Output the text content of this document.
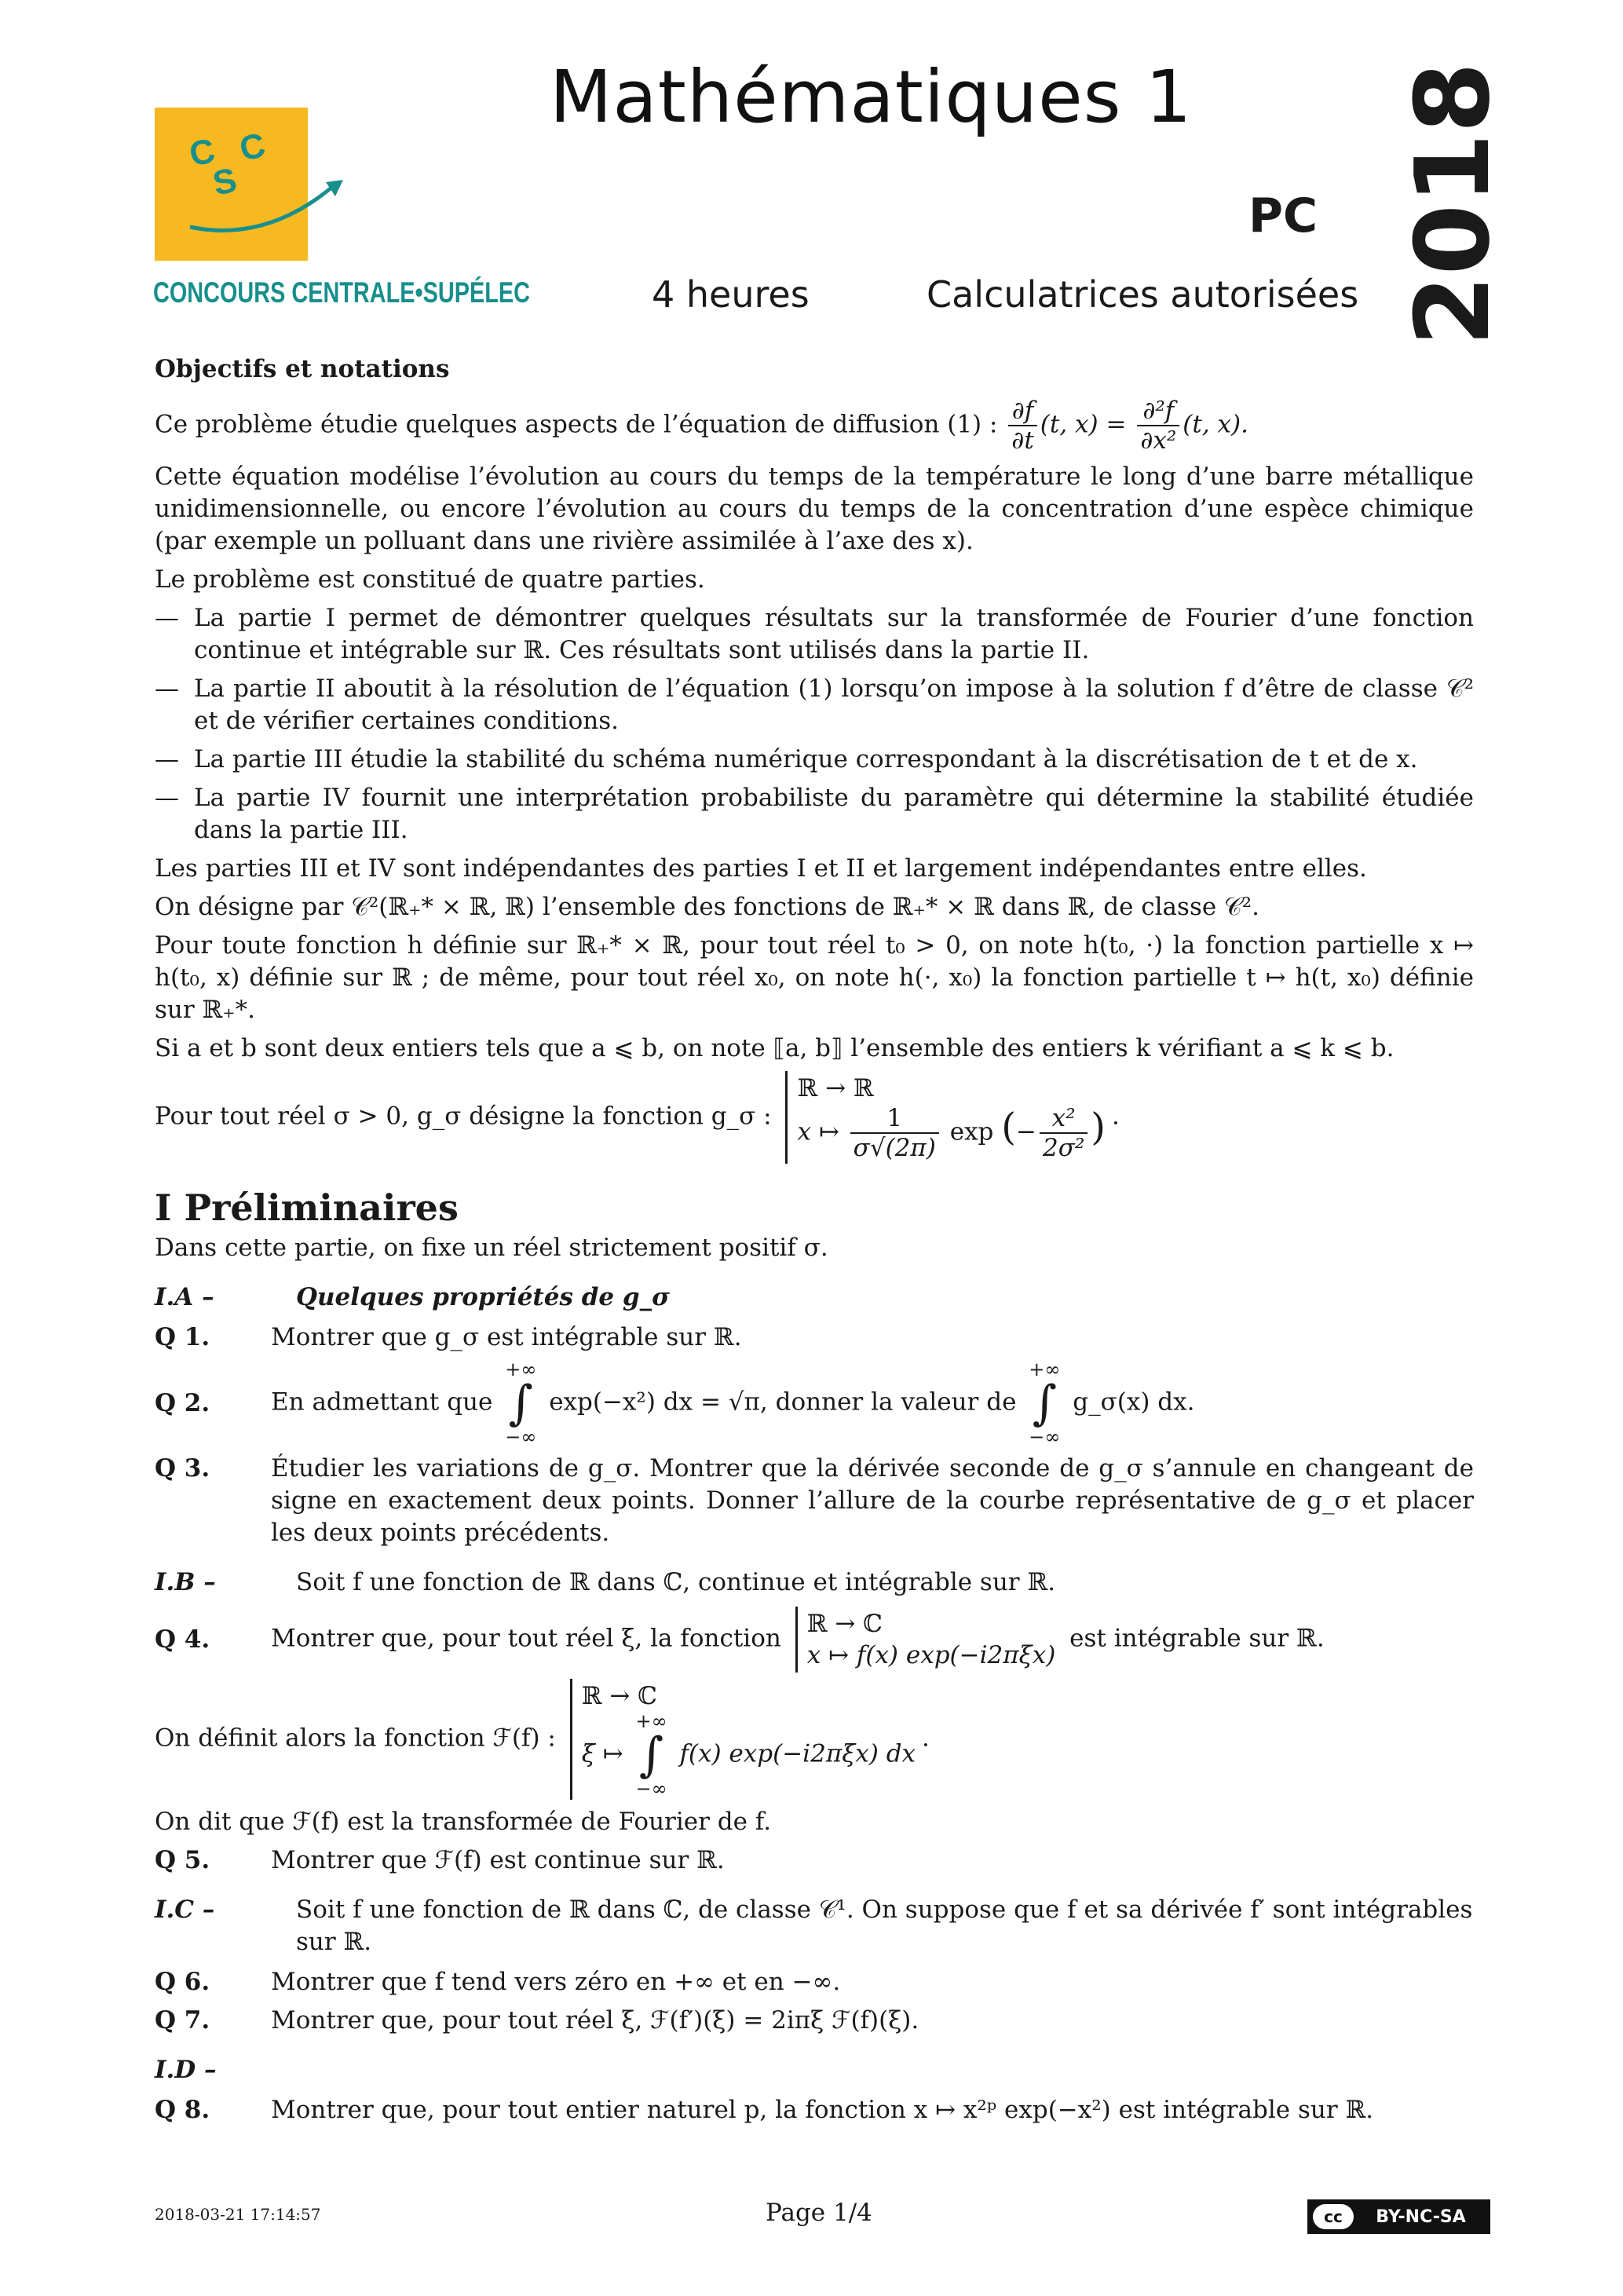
C C
S
CONCOURS CENTRALE•SUPÉLEC
Mathématiques 1
PC 2018
4 heures	Calculatrices autorisées

Objectifs et notations

Ce problème étudie quelques aspects de l’équation de diffusion (1) : $\frac{\partial f}{\partial t} (t$, $x) = \frac{\text{∂²f}}{\text{∂x²}} (t$, x).

Cette équation modélise l’évolution au cours du temps de la température le long d’une barre métallique unidimensionnelle, ou encore l’évolution au cours du temps de la concentration d’une espèce chimique (par exemple un polluant dans une rivière assimilée à l’axe des x).

Le problème est constitué de quatre parties.

— La partie I permet de démontrer quelques résultats sur la transformée de Fourier d’une fonction continue et intégrable sur ℝ. Ces résultats sont utilisés dans la partie II.
— La partie II aboutit à la résolution de l’équation (1) lorsqu’on impose à la solution f d’être de classe 𝒞² et de vérifier certaines conditions.
— La partie III étudie la stabilité du schéma numérique correspondant à la discrétisation de t et de x.
— La partie IV fournit une interprétation probabiliste du paramètre qui détermine la stabilité étudiée dans la partie III.

Les parties III et IV sont indépendantes des parties I et II et largement indépendantes entre elles.

On désigne par 𝒞²(ℝ₊* × ℝ, ℝ) l’ensemble des fonctions de ℝ₊* × ℝ dans ℝ, de classe 𝒞².

Pour toute fonction h définie sur ℝ₊* × ℝ, pour tout réel t₀ > 0, on note h(t₀, ·) la fonction partielle x ↦ h(t₀, x) définie sur ℝ ; de même, pour tout réel x₀, on note h(·, x₀) la fonction partielle t ↦ h(t, x₀) définie sur ℝ₊*.

Si a et b sont deux entiers tels que a ⩽ b, on note ⟦a, b⟧ l’ensemble des entiers k vérifiant a ⩽ k ⩽ b.

Pour tout réel σ > 0, g_σ désigne la fonction g_σ :
ℝ → ℝ
x ↦ $\frac{1}{\sigma√(2\pi)}$ exp (− $\frac{\text{x²}}{\text{2σ²}}$ ) .

I Préliminaires

Dans cette partie, on fixe un réel strictement positif σ.

I.A –	Quelques propriétés de g_σ
Q 1.	Montrer que g_σ est intégrable sur ℝ.
Q 2.	En admettant que +∞
∫
−∞ exp(−x²) dx = √π, donner la valeur de +∞
∫
−∞ g_σ(x) dx.
Q 3.	Étudier les variations de g_σ. Montrer que la dérivée seconde de g_σ s’annule en changeant de signe en exactement deux points. Donner l’allure de la courbe représentative de g_σ et placer les deux points précédents.
I.B –	Soit f une fonction de ℝ dans ℂ, continue et intégrable sur ℝ.
Q 4.	Montrer que, pour tout réel ξ, la fonction
ℝ → ℂ
x ↦ f(x) exp(−i2πξx)
est intégrable sur ℝ.

On définit alors la fonction ℱ(f) :
ℝ → ℂ
ξ ↦ +∞
∫
−∞ f(x) exp(−i2πξx) dx
.

On dit que ℱ(f) est la transformée de Fourier de f.

Q 5.	Montrer que ℱ(f) est continue sur ℝ.
I.C –	Soit f une fonction de ℝ dans ℂ, de classe 𝒞¹. On suppose que f et sa dérivée f′ sont intégrables sur ℝ.
Q 6.	Montrer que f tend vers zéro en +∞ et en −∞.
Q 7.	Montrer que, pour tout réel ξ, ℱ(f′)(ξ) = 2iπξ ℱ(f)(ξ).
I.D –
Q 8.	Montrer que, pour tout entier naturel p, la fonction x ↦ x²ᵖ exp(−x²) est intégrable sur ℝ.
2018-03-21 17:14:57	Page 1/4	cc	BY-NC-SA
